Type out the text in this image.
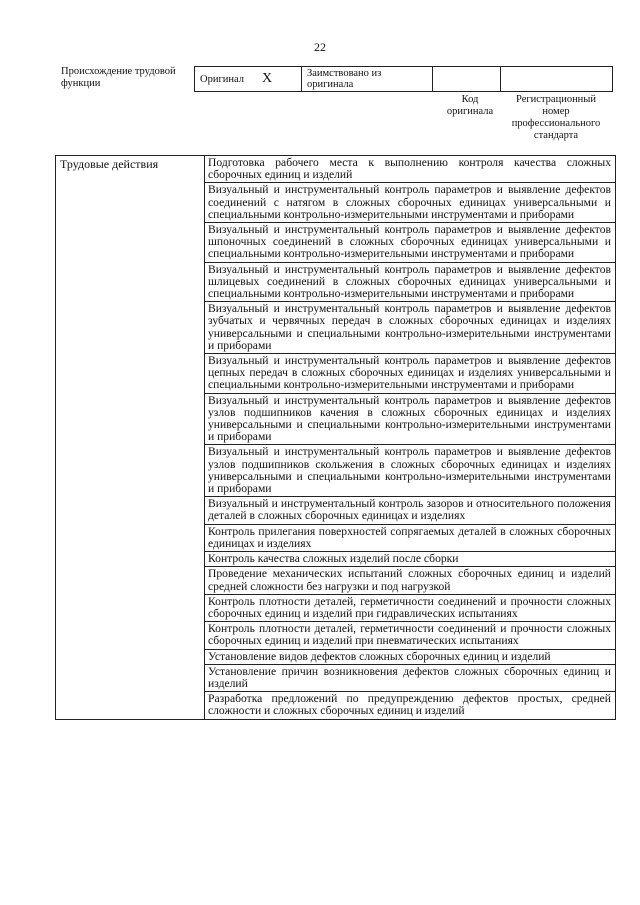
22
Происхождение трудовой функции	Оригинал X	Заимствовано из оригинала		
Код оригинала
Регистрационный номер профессионального стандарта
Трудовые действия	Подготовка рабочего места к выполнению контроля качества сложных сборочных единиц и изделий
Визуальный и инструментальный контроль параметров и выявление дефектов соединений с натягом в сложных сборочных единицах универсальными и специальными контрольно-измерительными инструментами и приборами
Визуальный и инструментальный контроль параметров и выявление дефектов шпоночных соединений в сложных сборочных единицах универсальными и специальными контрольно-измерительными инструментами и приборами
Визуальный и инструментальный контроль параметров и выявление дефектов шлицевых соединений в сложных сборочных единицах универсальными и специальными контрольно-измерительными инструментами и приборами
Визуальный и инструментальный контроль параметров и выявление дефектов зубчатых и червячных передач в сложных сборочных единицах и изделиях универсальными и специальными контрольно-измерительными инструментами и приборами
Визуальный и инструментальный контроль параметров и выявление дефектов цепных передач в сложных сборочных единицах и изделиях универсальными и специальными контрольно-измерительными инструментами и приборами
Визуальный и инструментальный контроль параметров и выявление дефектов узлов подшипников качения в сложных сборочных единицах и изделиях универсальными и специальными контрольно-измерительными инструментами и приборами
Визуальный и инструментальный контроль параметров и выявление дефектов узлов подшипников скольжения в сложных сборочных единицах и изделиях универсальными и специальными контрольно-измерительными инструментами и приборами
Визуальный и инструментальный контроль зазоров и относительного положения деталей в сложных сборочных единицах и изделиях
Контроль прилегания поверхностей сопрягаемых деталей в сложных сборочных единицах и изделиях
Контроль качества сложных изделий после сборки
Проведение механических испытаний сложных сборочных единиц и изделий средней сложности без нагрузки и под нагрузкой
Контроль плотности деталей, герметичности соединений и прочности сложных сборочных единиц и изделий при гидравлических испытаниях
Контроль плотности деталей, герметичности соединений и прочности сложных сборочных единиц и изделий при пневматических испытаниях
Установление видов дефектов сложных сборочных единиц и изделий
Установление причин возникновения дефектов сложных сборочных единиц и изделий
Разработка предложений по предупреждению дефектов простых, средней сложности и сложных сборочных единиц и изделий
